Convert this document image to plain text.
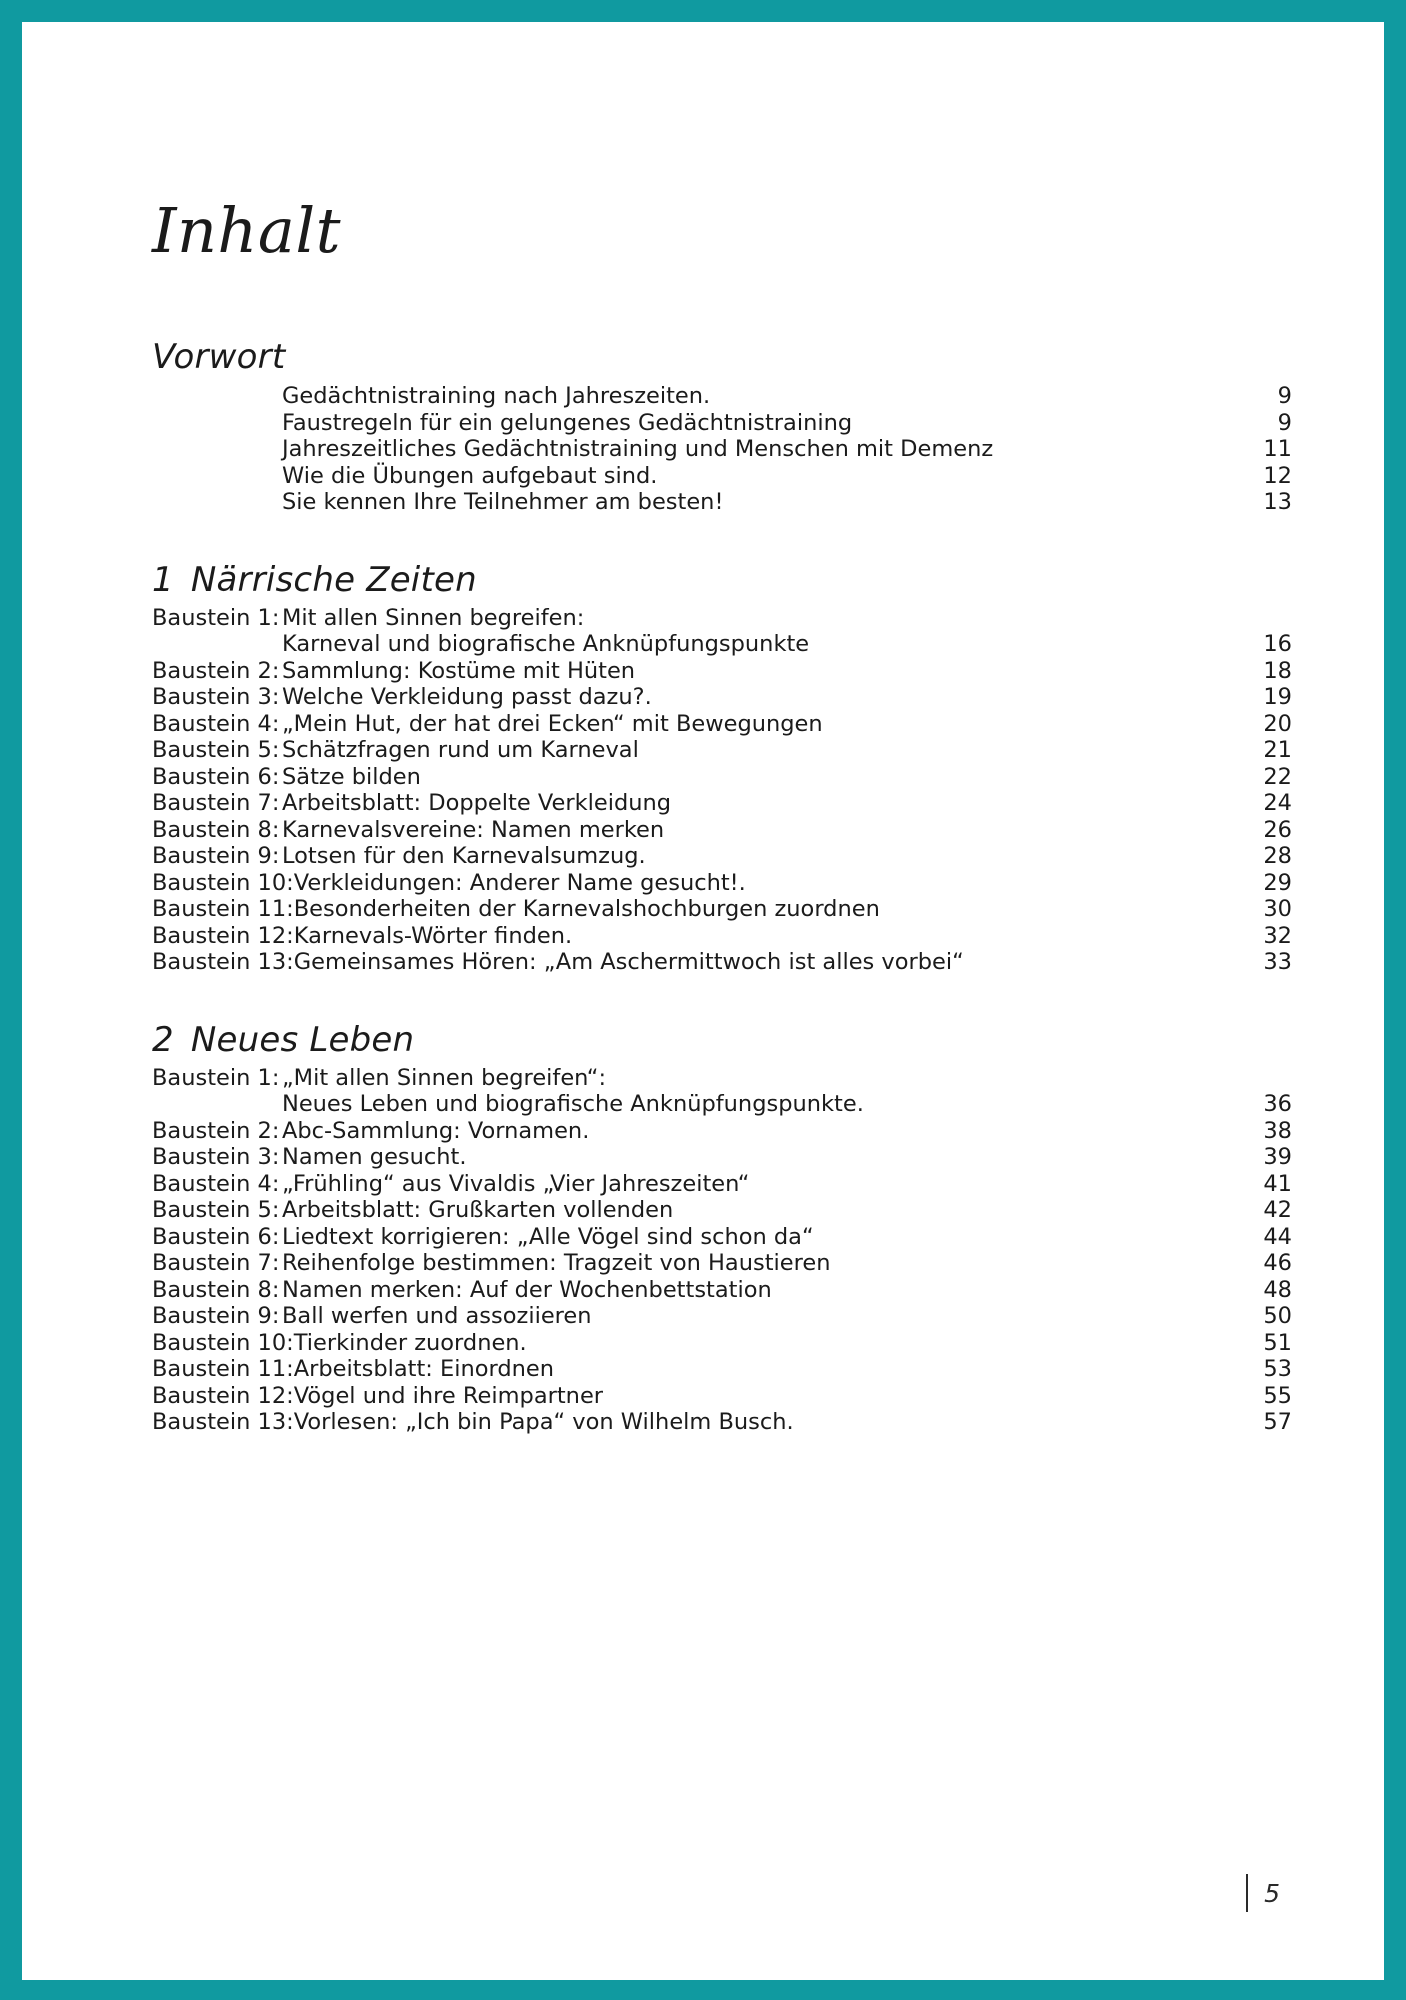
Inhalt
Vorwort
Gedächtnistraining nach Jahreszeiten.	9
Faustregeln für ein gelungenes Gedächtnistraining	9
Jahreszeitliches Gedächtnistraining und Menschen mit Demenz	11
Wie die Übungen aufgebaut sind.	12
Sie kennen Ihre Teilnehmer am besten!	13
1 Närrische Zeiten
Baustein 1: Mit allen Sinnen begreifen:
Karneval und biografische Anknüpfungspunkte	16
Baustein 2: Sammlung: Kostüme mit Hüten	18
Baustein 3: Welche Verkleidung passt dazu?.	19
Baustein 4: „Mein Hut, der hat drei Ecken“ mit Bewegungen	20
Baustein 5: Schätzfragen rund um Karneval	21
Baustein 6: Sätze bilden	22
Baustein 7: Arbeitsblatt: Doppelte Verkleidung	24
Baustein 8: Karnevalsvereine: Namen merken	26
Baustein 9: Lotsen für den Karnevalsumzug.	28
Baustein 10: Verkleidungen: Anderer Name gesucht!.	29
Baustein 11: Besonderheiten der Karnevalshochburgen zuordnen	30
Baustein 12: Karnevals-Wörter finden.	32
Baustein 13: Gemeinsames Hören: „Am Aschermittwoch ist alles vorbei“	33
2 Neues Leben
Baustein 1: „Mit allen Sinnen begreifen“:
Neues Leben und biografische Anknüpfungspunkte.	36
Baustein 2: Abc-Sammlung: Vornamen.	38
Baustein 3: Namen gesucht.	39
Baustein 4: „Frühling“ aus Vivaldis „Vier Jahreszeiten“	41
Baustein 5: Arbeitsblatt: Grußkarten vollenden	42
Baustein 6: Liedtext korrigieren: „Alle Vögel sind schon da“	44
Baustein 7: Reihenfolge bestimmen: Tragzeit von Haustieren	46
Baustein 8: Namen merken: Auf der Wochenbettstation	48
Baustein 9: Ball werfen und assoziieren	50
Baustein 10: Tierkinder zuordnen.	51
Baustein 11: Arbeitsblatt: Einordnen	53
Baustein 12: Vögel und ihre Reimpartner	55
Baustein 13: Vorlesen: „Ich bin Papa“ von Wilhelm Busch.	57
5
